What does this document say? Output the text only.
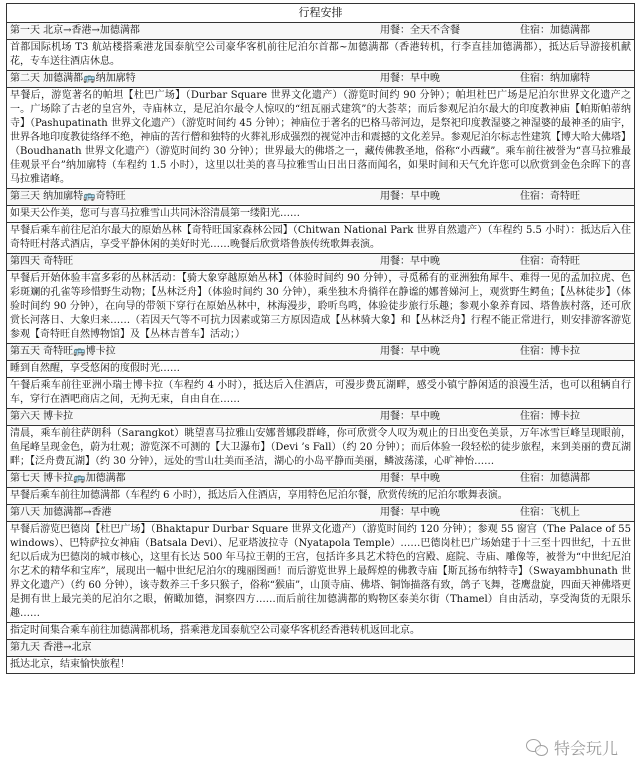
行程安排

第一天 北京→香港→加德满都	用餐：全天不含餐	住宿：加德满都

首都国际机场 T3 航站楼搭乘港龙国泰航空公司豪华客机前往尼泊尔首都~加德满都（香港转机，行李直挂加德满都），抵达后导游接机献花，专车送往酒店休息。

第二天 加德满都🚌纳加廓特	用餐：早中晚	住宿：纳加廓特

早餐后，游览著名的帕坦【杜巴广场】（Durbar Square 世界文化遗产）（游览时间约 90 分钟）；帕坦杜巴广场是尼泊尔世界文化遗产之一。广场除了古老的皇宫外，寺庙林立，是尼泊尔最令人惊叹的“纽瓦丽式建筑”的大荟萃；而后参观尼泊尔最大的印度教神庙【帕斯帕蒂纳寺】（Pashupatinath 世界文化遗产）（游览时间约 45 分钟）；神庙位于著名的巴格马蒂河边，是祭祀印度教湿婆之神湿婆的最神圣的庙宇，世界各地印度教徒络绎不绝，神庙的苦行僧和独特的火葬礼形成强烈的视觉冲击和震撼的文化差异。参观尼泊尔标志性建筑【博大哈大佛塔】（Boudhanath 世界文化遗产）（游览时间约 30 分钟）；世界最大的佛塔之一，藏传佛教圣地，俗称“小西藏”。乘车前往被誉为“喜马拉雅最佳观景平台”纳加廓特（车程约 1.5 小时），这里以壮美的喜马拉雅雪山日出日落而闻名，如果时间和天气允许您可以欣赏到金色余晖下的喜马拉雅诸峰。

第三天 纳加廓特🚌奇特旺	用餐：早中晚	住宿：奇特旺

如果天公作美，您可与喜马拉雅雪山共同沐浴清晨第一缕阳光……
早餐后乘车前往尼泊尔最大的原始丛林【奇特旺国家森林公园】（Chitwan National Park 世界自然遗产）（车程约 5.5 小时）：抵达后入住奇特旺村落式酒店，享受平静休闲的美好时光……晚餐后欣赏塔鲁族传统歌舞表演。

第四天 奇特旺	用餐：早中晚	住宿：奇特旺

早餐后开始体验丰富多彩的丛林活动：【骑大象穿越原始丛林】（体验时间约 90 分钟），寻觅稀有的亚洲独角犀牛、难得一见的孟加拉虎、色彩斑斓的孔雀等珍惜野生动物；【丛林泛舟】（体验时间约 30 分钟），乘坐独木舟徜徉在静谧的娜普娣河上，观赏野生鳄鱼；【丛林徒步】（体验时间约 90 分钟），在向导的带领下穿行在原始丛林中，林海漫步，聆听鸟鸣，体验徒步旅行乐趣；参观小象养育园、塔鲁族村落，还可欣赏长河落日、大象归来……（若因天气等不可抗力因素或第三方原因造成【丛林骑大象】和【丛林泛舟】行程不能正常进行，则安排游客游览参观【奇特旺自然博物馆】及【丛林吉普车】活动；）

第五天 奇特旺🚌博卡拉	用餐：早中晚	住宿：博卡拉

睡到自然醒，享受悠闲的度假时光……
午餐后乘车前往亚洲小瑞士博卡拉（车程约 4 小时），抵达后入住酒店，可漫步费瓦湖畔，感受小镇宁静闲适的浪漫生活，也可以租辆自行车，穿行在酒吧商店之间，无拘无束，自由自在……

第六天 博卡拉	用餐：早中晚	住宿：博卡拉

清晨，乘车前往萨朗科（Sarangkot）眺望喜马拉雅山安娜普娜段群峰，你可欣赏令人叹为观止的日出变色美景，万年冰雪巨峰呈现眼前，鱼尾峰呈现金色，蔚为壮观；游览深不可测的【大卫瀑布】（Devi ’s Fall）（约 20 分钟）；而后体验一段轻松的徒步旅程，来到美丽的费瓦湖畔；【泛舟费瓦湖】（约 30 分钟），远处的雪山壮美而圣洁，湖心的小岛平静而美丽，鳞波荡漾，心旷神怡……

第七天 博卡拉🚌加德满都	用餐：早中晚	住宿：加德满都

早餐后乘车前往加德满都（车程约 6 小时），抵达后入住酒店，享用特色尼泊尔餐，欣赏传统的尼泊尔歌舞表演。

第八天 加德满都→香港	用餐：早中晚	住宿：飞机上

早餐后游览巴德岗【杜巴广场】（Bhaktapur Durbar Square 世界文化遗产）（游览时间约 120 分钟）；参观 55 窗宫（The Palace of 55 windows）、巴特萨拉女神庙（Batsala Devi）、尼亚塔波拉寺（Nyatapola Temple）……巴德岗杜巴广场始建于十三至十四世纪，十五世纪以后成为巴德岗的城市核心，这里有长达 500 年马拉王朝的王宫，包括许多具艺术特色的宫殿、庭院、寺庙、雕像等，被誉为“中世纪尼泊尔艺术的精华和宝库”，展现出一幅中世纪尼泊尔的瑰丽图画！而后游览世界上最辉煌的佛教寺庙【斯瓦扬布纳特寺】（Swayambhunath 世界文化遗产）（约 60 分钟），该寺数养三千多只猴子，俗称“猴庙”，山顶寺庙、佛塔、铜饰描落有致，鸽子飞舞，苍鹰盘旋，四面天神佛塔更是拥有世上最完美的尼泊尔之眼，俯瞰加德，洞察四方……而后前往加德满都的购物区泰美尔街（Thamel）自由活动，享受淘货的无限乐趣……
指定时间集合乘车前往加德满都机场，搭乘港龙国泰航空公司豪华客机经香港转机返回北京。

第九天 香港→北京

抵达北京，结束愉快旅程！
特会玩儿
